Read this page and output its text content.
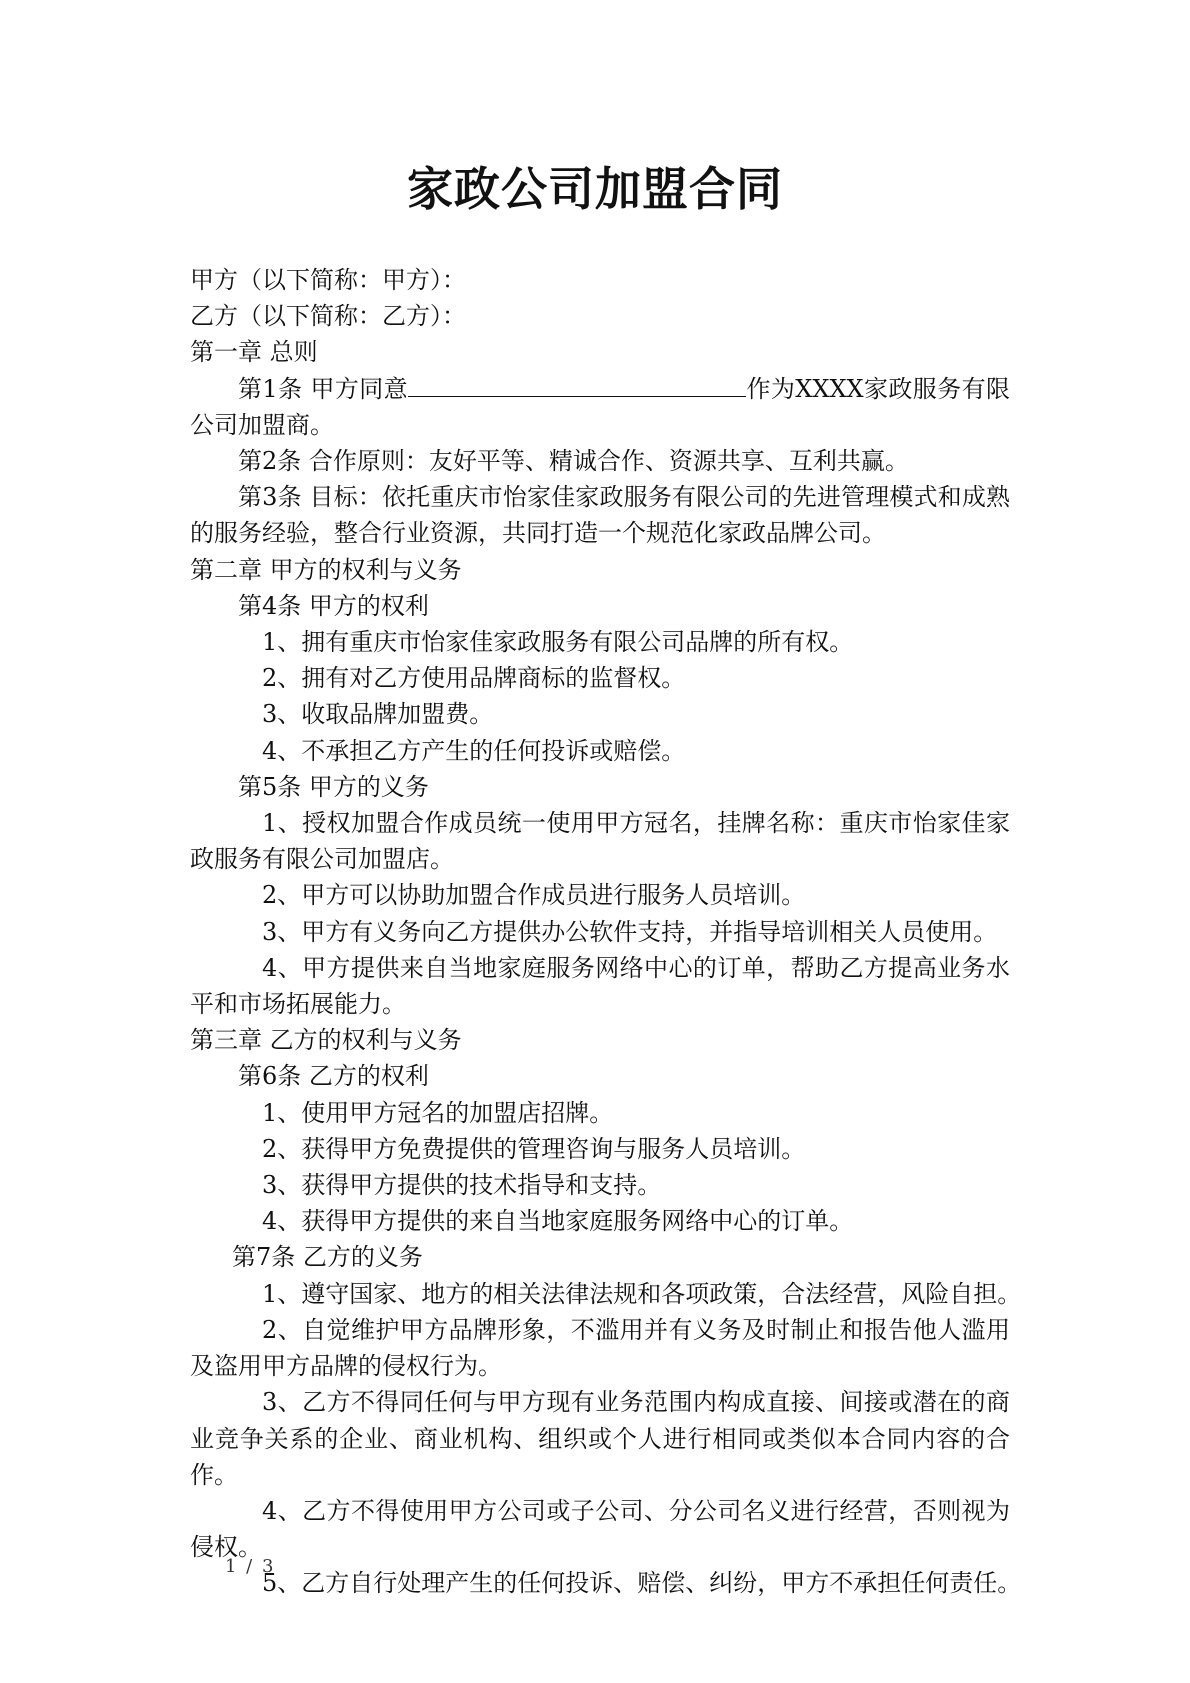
家政公司加盟合同

甲方（以下简称：甲方）：

乙方（以下简称：乙方）：

第一章 总则

第1条 甲方同意	作为XXXX家政服务有限公司加盟商。

第2条 合作原则：友好平等、精诚合作、资源共享、互利共赢。

第3条 目标：依托重庆市怡家佳家政服务有限公司的先进管理模式和成熟的服务经验，整合行业资源，共同打造一个规范化家政品牌公司。

第二章 甲方的权利与义务

第4条 甲方的权利

1、拥有重庆市怡家佳家政服务有限公司品牌的所有权。

2、拥有对乙方使用品牌商标的监督权。

3、收取品牌加盟费。

4、不承担乙方产生的任何投诉或赔偿。

第5条 甲方的义务

1、授权加盟合作成员统一使用甲方冠名，挂牌名称：重庆市怡家佳家政服务有限公司加盟店。

2、甲方可以协助加盟合作成员进行服务人员培训。

3、甲方有义务向乙方提供办公软件支持，并指导培训相关人员使用。

4、甲方提供来自当地家庭服务网络中心的订单，帮助乙方提高业务水平和市场拓展能力。

第三章 乙方的权利与义务

第6条 乙方的权利

1、使用甲方冠名的加盟店招牌。

2、获得甲方免费提供的管理咨询与服务人员培训。

3、获得甲方提供的技术指导和支持。

4、获得甲方提供的来自当地家庭服务网络中心的订单。

第7条 乙方的义务

1、遵守国家、地方的相关法律法规和各项政策，合法经营，风险自担。

2、自觉维护甲方品牌形象，不滥用并有义务及时制止和报告他人滥用及盗用甲方品牌的侵权行为。

3、乙方不得同任何与甲方现有业务范围内构成直接、间接或潜在的商业竞争关系的企业、商业机构、组织或个人进行相同或类似本合同内容的合作。

4、乙方不得使用甲方公司或子公司、分公司名义进行经营，否则视为侵权。

5、乙方自行处理产生的任何投诉、赔偿、纠纷，甲方不承担任何责任。

1 / 3
